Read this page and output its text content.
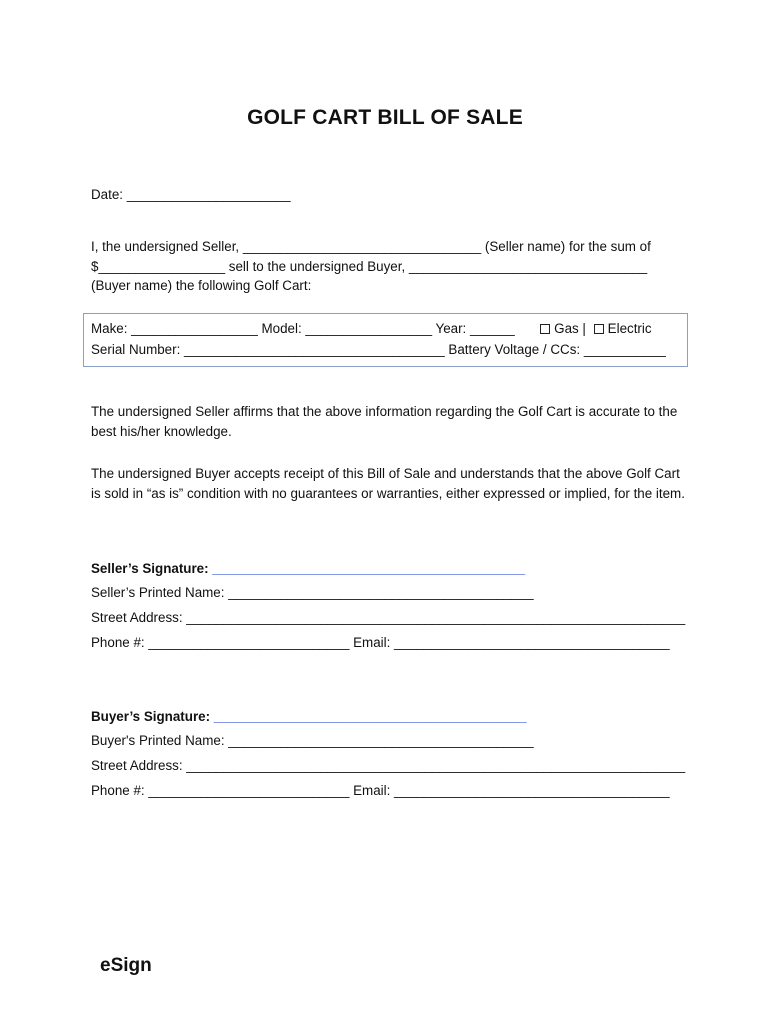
GOLF CART BILL OF SALE
Date: ______________________
I, the undersigned Seller, ________________________________ (Seller name) for the sum of
$_________________ sell to the undersigned Buyer, ________________________________
(Buyer name) the following Golf Cart:
Make: _________________ Model: _________________ Year: ______	Gas | Electric
Serial Number: ___________________________________ Battery Voltage / CCs: ___________
The undersigned Seller affirms that the above information regarding the Golf Cart is accurate to the best his/her knowledge.
The undersigned Buyer accepts receipt of this Bill of Sale and understands that the above Golf Cart is sold in “as is” condition with no guarantees or warranties, either expressed or implied, for the item.
Seller’s Signature: __________________________________________
Seller’s Printed Name: _________________________________________
Street Address: ___________________________________________________________________
Phone #: ___________________________ Email: _____________________________________
Buyer’s Signature: __________________________________________
Buyer's Printed Name: _________________________________________
Street Address: ___________________________________________________________________
Phone #: ___________________________ Email: _____________________________________
eSign
